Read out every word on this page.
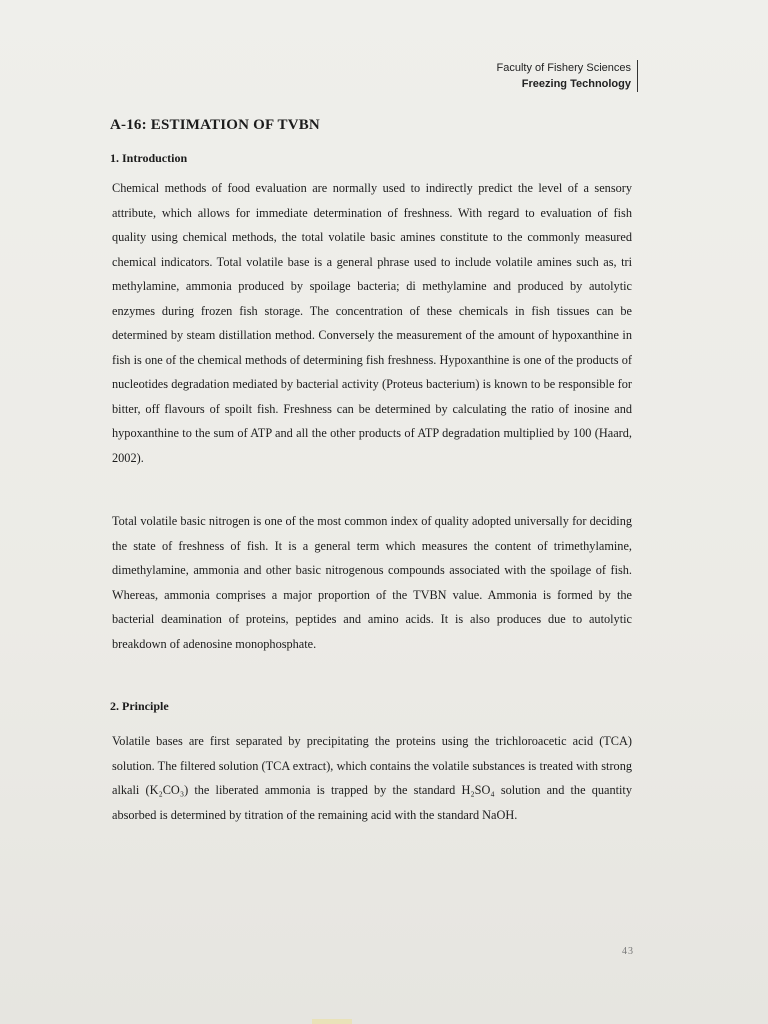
Faculty of Fishery Sciences
Freezing Technology
A-16: ESTIMATION OF TVBN
1. Introduction

Chemical methods of food evaluation are normally used to indirectly predict the level of a sensory attribute, which allows for immediate determination of freshness. With regard to evaluation of fish quality using chemical methods, the total volatile basic amines constitute to the commonly measured chemical indicators. Total volatile base is a general phrase used to include volatile amines such as, tri methylamine, ammonia produced by spoilage bacteria; di methylamine and produced by autolytic enzymes during frozen fish storage. The concentration of these chemicals in fish tissues can be determined by steam distillation method. Conversely the measurement of the amount of hypoxanthine in fish is one of the chemical methods of determining fish freshness. Hypoxanthine is one of the products of nucleotides degradation mediated by bacterial activity (Proteus bacterium) is known to be responsible for bitter, off flavours of spoilt fish. Freshness can be determined by calculating the ratio of inosine and hypoxanthine to the sum of ATP and all the other products of ATP degradation multiplied by 100 (Haard, 2002).

Total volatile basic nitrogen is one of the most common index of quality adopted universally for deciding the state of freshness of fish. It is a general term which measures the content of trimethylamine, dimethylamine, ammonia and other basic nitrogenous compounds associated with the spoilage of fish. Whereas, ammonia comprises a major proportion of the TVBN value. Ammonia is formed by the bacterial deamination of proteins, peptides and amino acids. It is also produces due to autolytic breakdown of adenosine monophosphate.

2. Principle

Volatile bases are first separated by precipitating the proteins using the trichloroacetic acid (TCA) solution. The filtered solution (TCA extract), which contains the volatile substances is treated with strong alkali (K₂CO₃) the liberated ammonia is trapped by the standard H₂SO₄ solution and the quantity absorbed is determined by titration of the remaining acid with the standard NaOH.

43
